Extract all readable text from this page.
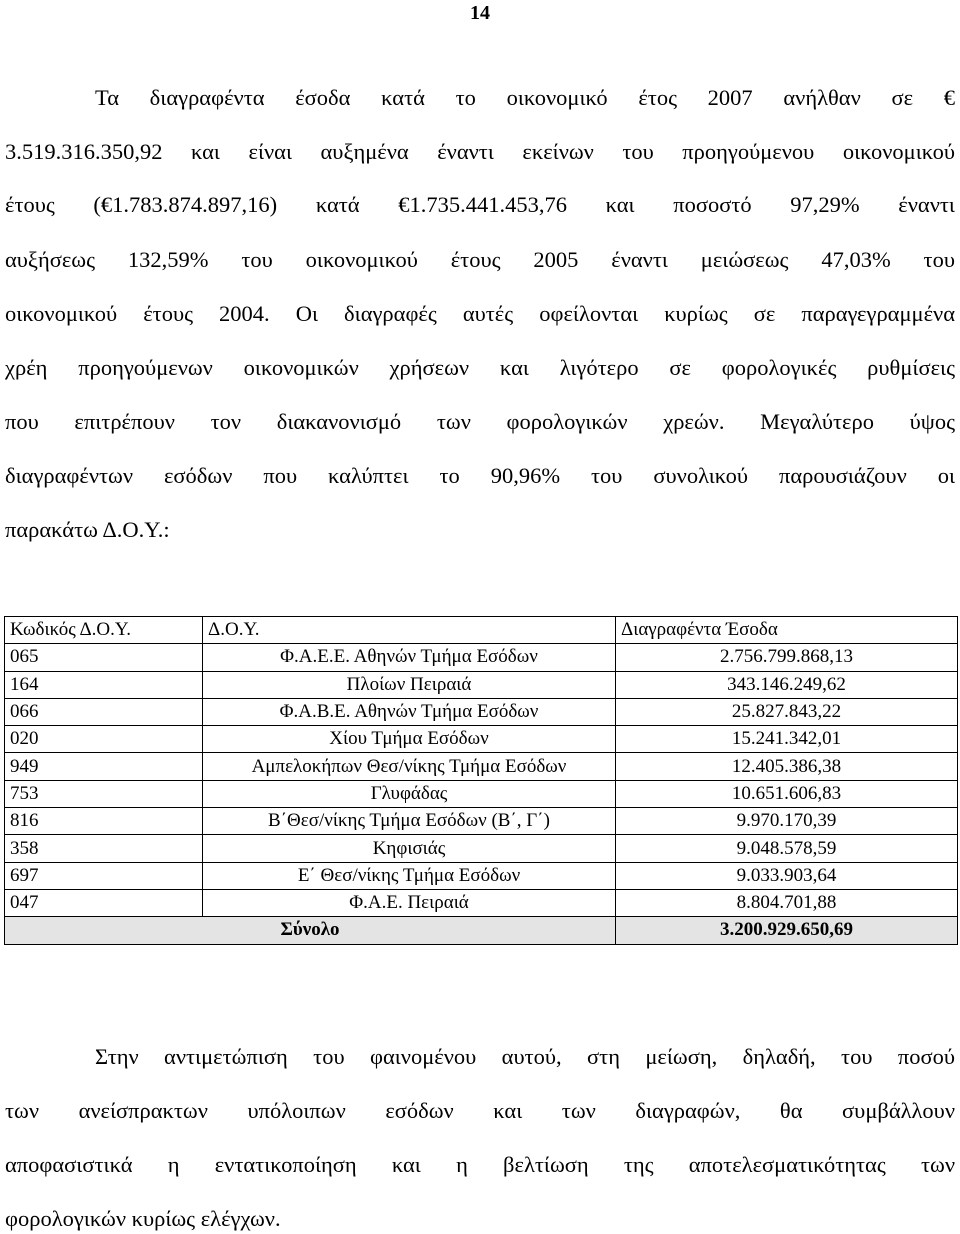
14
Τα διαγραφέντα έσοδα κατά το οικονομικό έτος 2007 ανήλθαν σε €
3.519.316.350,92 και είναι αυξημένα έναντι εκείνων του προηγούμενου οικονομικού
έτους (€1.783.874.897,16) κατά €1.735.441.453,76 και ποσοστό 97,29% έναντι
αυξήσεως 132,59% του οικονομικού έτους 2005 έναντι μειώσεως 47,03% του
οικονομικού έτους 2004. Οι διαγραφές αυτές οφείλονται κυρίως σε παραγεγραμμένα
χρέη προηγούμενων οικονομικών χρήσεων και λιγότερο σε φορολογικές ρυθμίσεις
που επιτρέπουν τον διακανονισμό των φορολογικών χρεών. Μεγαλύτερο ύψος
διαγραφέντων εσόδων που καλύπτει το 90,96% του συνολικού παρουσιάζουν οι
παρακάτω Δ.Ο.Υ.:
Κωδικός Δ.Ο.Υ.	Δ.Ο.Υ.	Διαγραφέντα Έσοδα
065	Φ.Α.Ε.Ε. Αθηνών Τμήμα Εσόδων	2.756.799.868,13
164	Πλοίων Πειραιά	343.146.249,62
066	Φ.Α.Β.Ε. Αθηνών Τμήμα Εσόδων	25.827.843,22
020	Χίου Τμήμα Εσόδων	15.241.342,01
949	Αμπελοκήπων Θεσ/νίκης Τμήμα Εσόδων	12.405.386,38
753	Γλυφάδας	10.651.606,83
816	Β΄Θεσ/νίκης Τμήμα Εσόδων (Β΄, Γ΄)	9.970.170,39
358	Κηφισιάς	9.048.578,59
697	Ε΄ Θεσ/νίκης Τμήμα Εσόδων	9.033.903,64
047	Φ.Α.Ε. Πειραιά	8.804.701,88
Σύνολο		3.200.929.650,69
Στην αντιμετώπιση του φαινομένου αυτού, στη μείωση, δηλαδή, του ποσού
των ανείσπρακτων υπόλοιπων εσόδων και των διαγραφών, θα συμβάλλουν
αποφασιστικά η εντατικοποίηση και η βελτίωση της αποτελεσματικότητας των
φορολογικών κυρίως ελέγχων.
